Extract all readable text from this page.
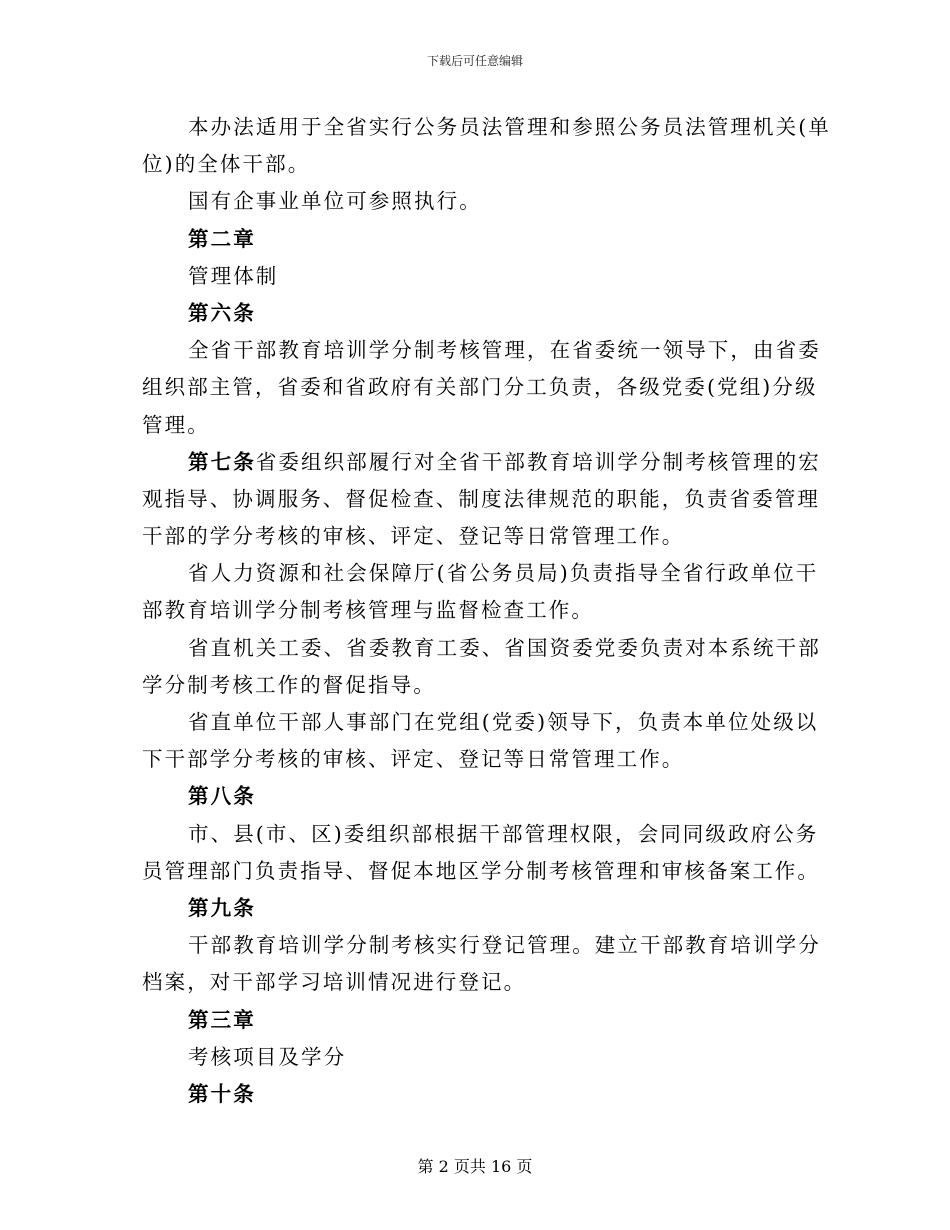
下载后可任意编辑
本办法适用于全省实行公务员法管理和参照公务员法管理机关(单
位)的全体干部。
国有企事业单位可参照执行。
第二章
管理体制
第六条
全省干部教育培训学分制考核管理，在省委统一领导下，由省委
组织部主管，省委和省政府有关部门分工负责，各级党委(党组)分级
管理。
第七条省委组织部履行对全省干部教育培训学分制考核管理的宏
观指导、协调服务、督促检查、制度法律规范的职能，负责省委管理
干部的学分考核的审核、评定、登记等日常管理工作。
省人力资源和社会保障厅(省公务员局)负责指导全省行政单位干
部教育培训学分制考核管理与监督检查工作。
省直机关工委、省委教育工委、省国资委党委负责对本系统干部
学分制考核工作的督促指导。
省直单位干部人事部门在党组(党委)领导下，负责本单位处级以
下干部学分考核的审核、评定、登记等日常管理工作。
第八条
市、县(市、区)委组织部根据干部管理权限，会同同级政府公务
员管理部门负责指导、督促本地区学分制考核管理和审核备案工作。
第九条
干部教育培训学分制考核实行登记管理。建立干部教育培训学分
档案，对干部学习培训情况进行登记。
第三章
考核项目及学分
第十条
第 2 页共 16 页
